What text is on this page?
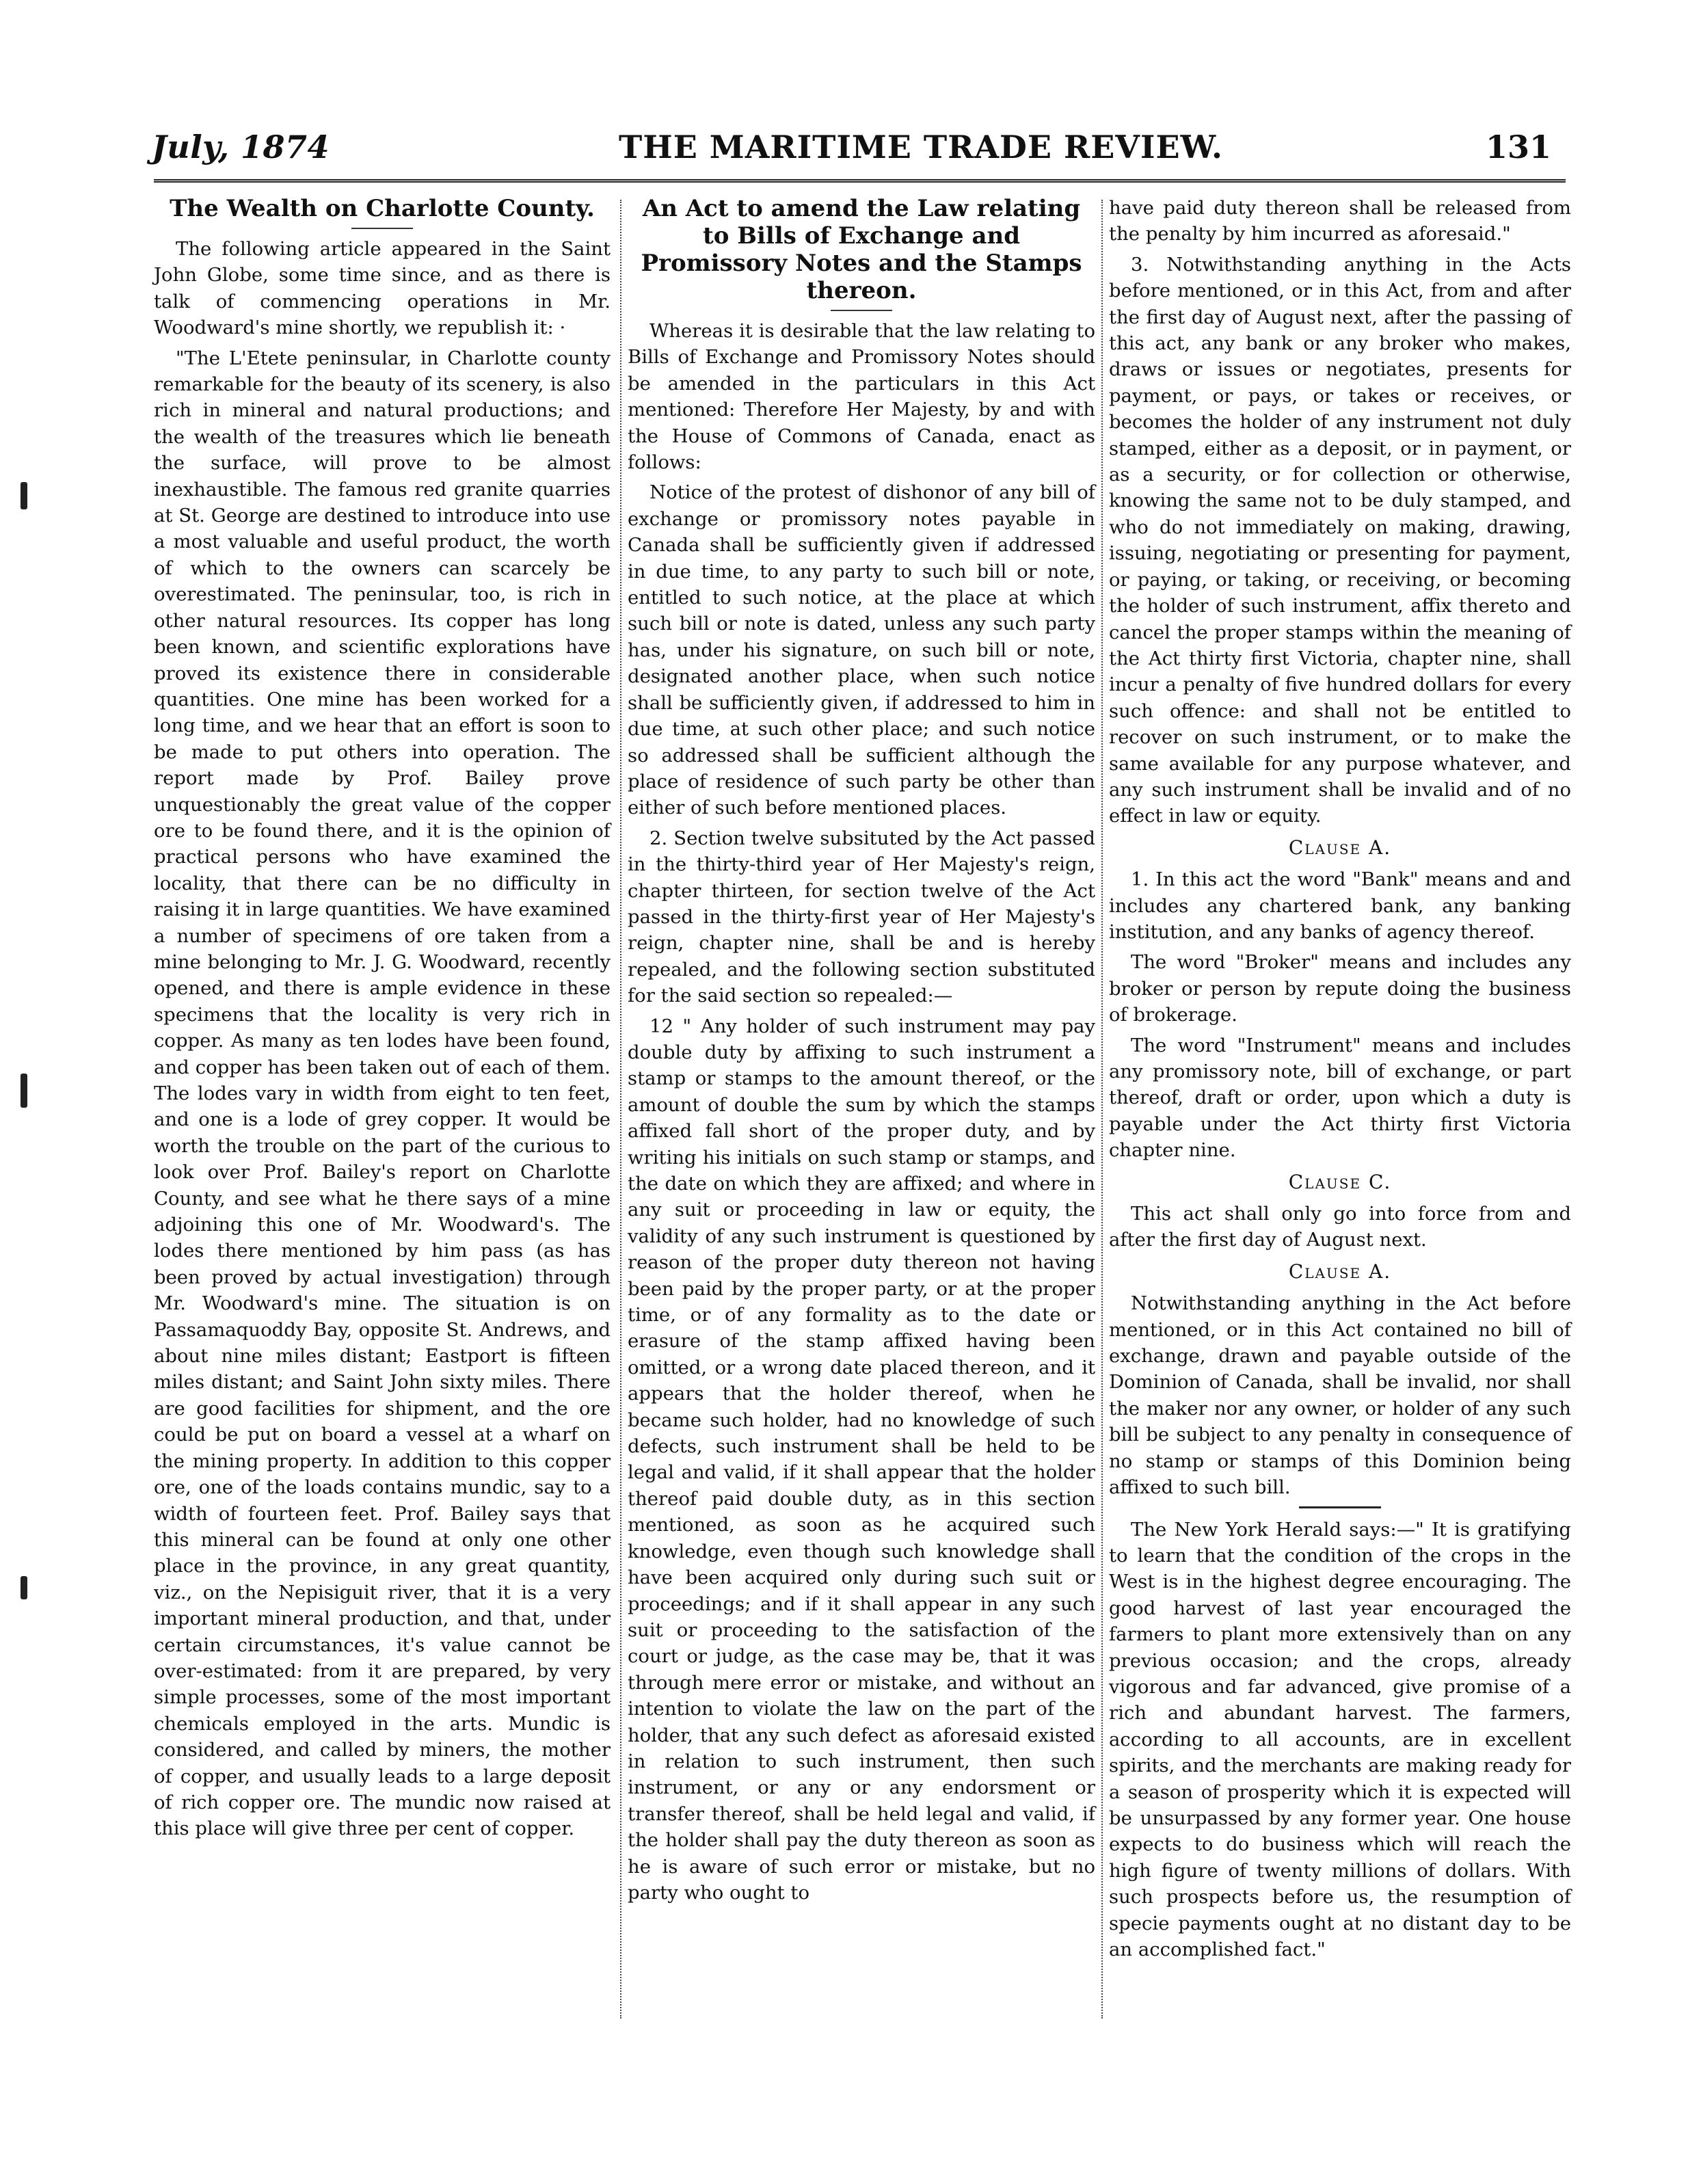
July, 1874	THE MARITIME TRADE REVIEW.	131
The Wealth on Charlotte County.

The following article appeared in the Saint John Globe, some time since, and as there is talk of commencing operations in Mr. Woodward's mine shortly, we republish it: ·

"The L'Etete peninsular, in Charlotte county remarkable for the beauty of its scenery, is also rich in mineral and natural productions; and the wealth of the treasures which lie beneath the surface, will prove to be almost inexhaustible. The famous red granite quarries at St. George are destined to introduce into use a most valuable and useful product, the worth of which to the owners can scarcely be overestimated. The peninsular, too, is rich in other natural resources. Its copper has long been known, and scientific explorations have proved its existence there in considerable quantities. One mine has been worked for a long time, and we hear that an effort is soon to be made to put others into operation. The report made by Prof. Bailey prove unquestionably the great value of the copper ore to be found there, and it is the opinion of practical persons who have examined the locality, that there can be no difficulty in raising it in large quantities. We have examined a number of specimens of ore taken from a mine belonging to Mr. J. G. Woodward, recently opened, and there is ample evidence in these specimens that the locality is very rich in copper. As many as ten lodes have been found, and copper has been taken out of each of them. The lodes vary in width from eight to ten feet, and one is a lode of grey copper. It would be worth the trouble on the part of the curious to look over Prof. Bailey's report on Charlotte County, and see what he there says of a mine adjoining this one of Mr. Woodward's. The lodes there mentioned by him pass (as has been proved by actual investigation) through Mr. Woodward's mine. The situation is on Passamaquoddy Bay, opposite St. Andrews, and about nine miles distant; Eastport is fifteen miles distant; and Saint John sixty miles. There are good facilities for shipment, and the ore could be put on board a vessel at a wharf on the mining property. In addition to this copper ore, one of the loads contains mundic, say to a width of fourteen feet. Prof. Bailey says that this mineral can be found at only one other place in the province, in any great quantity, viz., on the Nepisiguit river, that it is a very important mineral production, and that, under certain circumstances, it's value cannot be over-estimated: from it are prepared, by very simple processes, some of the most important chemicals employed in the arts. Mundic is considered, and called by miners, the mother of copper, and usually leads to a large deposit of rich copper ore. The mundic now raised at this place will give three per cent of copper.

An Act to amend the Law relating to Bills of Exchange and Promissory Notes and the Stamps thereon.

Whereas it is desirable that the law relating to Bills of Exchange and Promissory Notes should be amended in the particulars in this Act mentioned: Therefore Her Majesty, by and with the House of Commons of Canada, enact as follows:

Notice of the protest of dishonor of any bill of exchange or promissory notes payable in Canada shall be sufficiently given if addressed in due time, to any party to such bill or note, entitled to such notice, at the place at which such bill or note is dated, unless any such party has, under his signature, on such bill or note, designated another place, when such notice shall be sufficiently given, if addressed to him in due time, at such other place; and such notice so addressed shall be sufficient although the place of residence of such party be other than either of such before mentioned places.

2. Section twelve subsituted by the Act passed in the thirty-third year of Her Majesty's reign, chapter thirteen, for section twelve of the Act passed in the thirty-first year of Her Majesty's reign, chapter nine, shall be and is hereby repealed, and the following section substituted for the said section so repealed:—

12 " Any holder of such instrument may pay double duty by affixing to such instrument a stamp or stamps to the amount thereof, or the amount of double the sum by which the stamps affixed fall short of the proper duty, and by writing his initials on such stamp or stamps, and the date on which they are affixed; and where in any suit or proceeding in law or equity, the validity of any such instrument is questioned by reason of the proper duty thereon not having been paid by the proper party, or at the proper time, or of any formality as to the date or erasure of the stamp affixed having been omitted, or a wrong date placed thereon, and it appears that the holder thereof, when he became such holder, had no knowledge of such defects, such instrument shall be held to be legal and valid, if it shall appear that the holder thereof paid double duty, as in this section mentioned, as soon as he acquired such knowledge, even though such knowledge shall have been acquired only during such suit or proceedings; and if it shall appear in any such suit or proceeding to the satisfaction of the court or judge, as the case may be, that it was through mere error or mistake, and without an intention to violate the law on the part of the holder, that any such defect as aforesaid existed in relation to such instrument, then such instrument, or any or any endorsment or transfer thereof, shall be held legal and valid, if the holder shall pay the duty thereon as soon as he is aware of such error or mistake, but no party who ought to

have paid duty thereon shall be released from the penalty by him incurred as aforesaid."

3. Notwithstanding anything in the Acts before mentioned, or in this Act, from and after the first day of August next, after the passing of this act, any bank or any broker who makes, draws or issues or negotiates, presents for payment, or pays, or takes or receives, or becomes the holder of any instrument not duly stamped, either as a deposit, or in payment, or as a security, or for collection or otherwise, knowing the same not to be duly stamped, and who do not immediately on making, drawing, issuing, negotiating or presenting for payment, or paying, or taking, or receiving, or becoming the holder of such instrument, affix thereto and cancel the proper stamps within the meaning of the Act thirty first Victoria, chapter nine, shall incur a penalty of five hundred dollars for every such offence: and shall not be entitled to recover on such instrument, or to make the same available for any purpose whatever, and any such instrument shall be invalid and of no effect in law or equity.

Clause A.

1. In this act the word "Bank" means and and includes any chartered bank, any banking institution, and any banks of agency thereof.

The word "Broker" means and includes any broker or person by repute doing the business of brokerage.

The word "Instrument" means and includes any promissory note, bill of exchange, or part thereof, draft or order, upon which a duty is payable under the Act thirty first Victoria chapter nine.

Clause C.

This act shall only go into force from and after the first day of August next.

Clause A.

Notwithstanding anything in the Act before mentioned, or in this Act contained no bill of exchange, drawn and payable outside of the Dominion of Canada, shall be invalid, nor shall the maker nor any owner, or holder of any such bill be subject to any penalty in consequence of no stamp or stamps of this Dominion being affixed to such bill.

The New York Herald says:—" It is gratifying to learn that the condition of the crops in the West is in the highest degree encouraging. The good harvest of last year encouraged the farmers to plant more extensively than on any previous occasion; and the crops, already vigorous and far advanced, give promise of a rich and abundant harvest. The farmers, according to all accounts, are in excellent spirits, and the merchants are making ready for a season of prosperity which it is expected will be unsurpassed by any former year. One house expects to do business which will reach the high figure of twenty millions of dollars. With such prospects before us, the resumption of specie payments ought at no distant day to be an accomplished fact."
